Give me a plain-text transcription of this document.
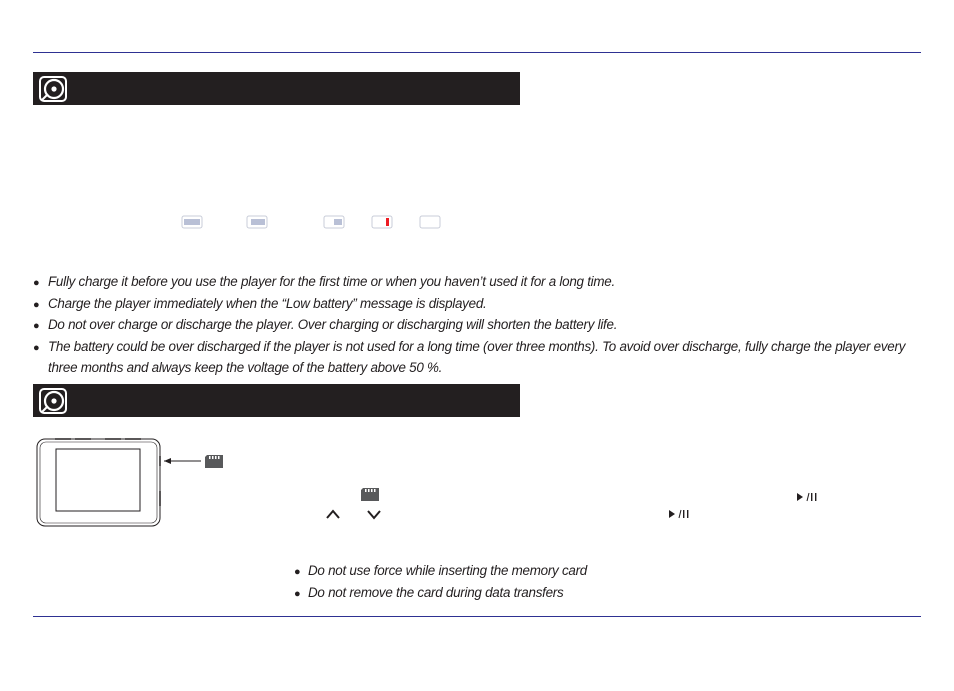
● Fully charge it before you use the player for the first time or when you haven’t used it for a long time.
● Charge the player immediately when the “Low battery” message is displayed.
● Do not over charge or discharge the player. Over charging or discharging will shorten the battery life.
● The battery could be over discharged if the player is not used for a long time (over three months). To avoid over discharge, fully charge the player every three months and always keep the voltage of the battery above 50 %.
● Do not use force while inserting the memory card
● Do not remove the card during data transfers
